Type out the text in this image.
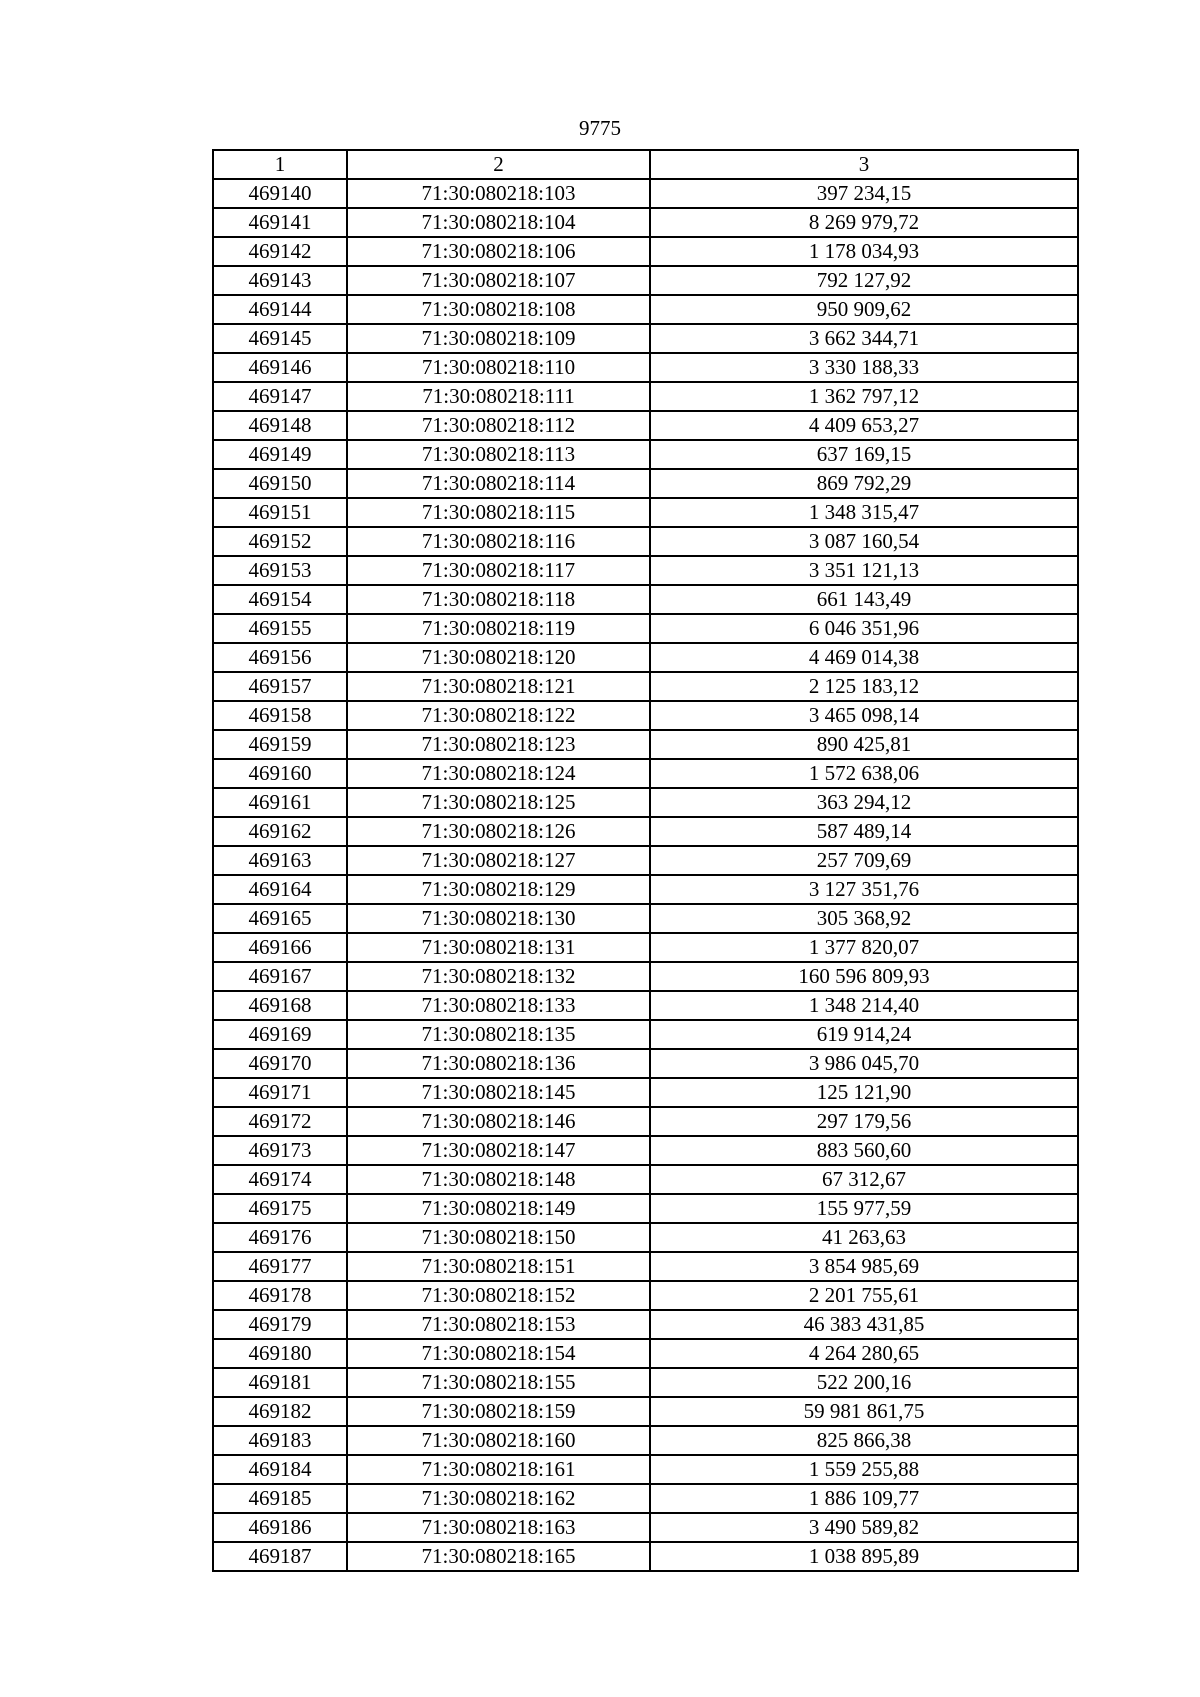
9775
1	2	3
469140	71:30:080218:103	397 234,15
469141	71:30:080218:104	8 269 979,72
469142	71:30:080218:106	1 178 034,93
469143	71:30:080218:107	792 127,92
469144	71:30:080218:108	950 909,62
469145	71:30:080218:109	3 662 344,71
469146	71:30:080218:110	3 330 188,33
469147	71:30:080218:111	1 362 797,12
469148	71:30:080218:112	4 409 653,27
469149	71:30:080218:113	637 169,15
469150	71:30:080218:114	869 792,29
469151	71:30:080218:115	1 348 315,47
469152	71:30:080218:116	3 087 160,54
469153	71:30:080218:117	3 351 121,13
469154	71:30:080218:118	661 143,49
469155	71:30:080218:119	6 046 351,96
469156	71:30:080218:120	4 469 014,38
469157	71:30:080218:121	2 125 183,12
469158	71:30:080218:122	3 465 098,14
469159	71:30:080218:123	890 425,81
469160	71:30:080218:124	1 572 638,06
469161	71:30:080218:125	363 294,12
469162	71:30:080218:126	587 489,14
469163	71:30:080218:127	257 709,69
469164	71:30:080218:129	3 127 351,76
469165	71:30:080218:130	305 368,92
469166	71:30:080218:131	1 377 820,07
469167	71:30:080218:132	160 596 809,93
469168	71:30:080218:133	1 348 214,40
469169	71:30:080218:135	619 914,24
469170	71:30:080218:136	3 986 045,70
469171	71:30:080218:145	125 121,90
469172	71:30:080218:146	297 179,56
469173	71:30:080218:147	883 560,60
469174	71:30:080218:148	67 312,67
469175	71:30:080218:149	155 977,59
469176	71:30:080218:150	41 263,63
469177	71:30:080218:151	3 854 985,69
469178	71:30:080218:152	2 201 755,61
469179	71:30:080218:153	46 383 431,85
469180	71:30:080218:154	4 264 280,65
469181	71:30:080218:155	522 200,16
469182	71:30:080218:159	59 981 861,75
469183	71:30:080218:160	825 866,38
469184	71:30:080218:161	1 559 255,88
469185	71:30:080218:162	1 886 109,77
469186	71:30:080218:163	3 490 589,82
469187	71:30:080218:165	1 038 895,89
